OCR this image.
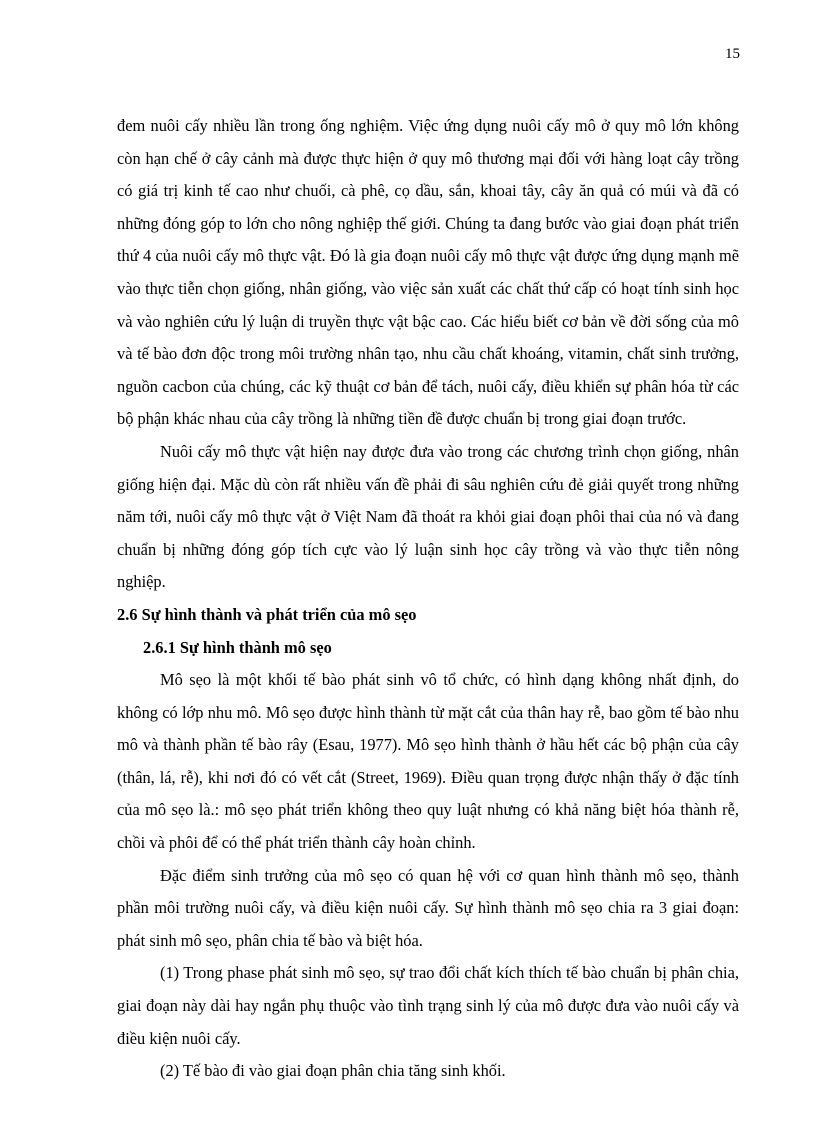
15

đem nuôi cấy nhiều lần trong ống nghiệm. Việc ứng dụng nuôi cấy mô ở quy mô lớn không còn hạn chế ở cây cảnh mà được thực hiện ở quy mô thương mại đối với hàng loạt cây trồng có giá trị kinh tế cao như chuối, cà phê, cọ dầu, sắn, khoai tây, cây ăn quả có múi và đã có những đóng góp to lớn cho nông nghiệp thế giới. Chúng ta đang bước vào giai đoạn phát triển thứ 4 của nuôi cấy mô thực vật. Đó là gia đoạn nuôi cấy mô thực vật được ứng dụng mạnh mẽ vào thực tiễn chọn giống, nhân giống, vào việc sản xuất các chất thứ cấp có hoạt tính sinh học và vào nghiên cứu lý luận di truyền thực vật bậc cao. Các hiểu biết cơ bản về đời sống của mô và tế bào đơn độc trong môi trường nhân tạo, nhu cầu chất khoáng, vitamin, chất sinh trưởng, nguồn cacbon của chúng, các kỹ thuật cơ bản để tách, nuôi cấy, điều khiển sự phân hóa từ các bộ phận khác nhau của cây trồng là những tiền đề được chuẩn bị trong giai đoạn trước.

Nuôi cấy mô thực vật hiện nay được đưa vào trong các chương trình chọn giống, nhân giống hiện đại. Mặc dù còn rất nhiều vấn đề phải đi sâu nghiên cứu đẻ giải quyết trong những năm tới, nuôi cấy mô thực vật ở Việt Nam đã thoát ra khỏi giai đoạn phôi thai của nó và đang chuẩn bị những đóng góp tích cực vào lý luận sinh học cây trồng và vào thực tiễn nông nghiệp.

2.6 Sự hình thành và phát triển của mô sẹo

2.6.1 Sự hình thành mô sẹo

Mô sẹo là một khối tế bào phát sinh vô tổ chức, có hình dạng không nhất định, do không có lớp nhu mô. Mô sẹo được hình thành từ mặt cắt của thân hay rễ, bao gồm tế bào nhu mô và thành phần tế bào rây (Esau, 1977). Mô sẹo hình thành ở hầu hết các bộ phận của cây (thân, lá, rễ), khi nơi đó có vết cắt (Street, 1969). Điều quan trọng được nhận thấy ở đặc tính của mô sẹo là.: mô sẹo phát triển không theo quy luật nhưng có khả năng biệt hóa thành rễ, chồi và phôi để có thể phát triển thành cây hoàn chỉnh.

Đặc điểm sinh trưởng của mô sẹo có quan hệ với cơ quan hình thành mô sẹo, thành phần môi trường nuôi cấy, và điều kiện nuôi cấy. Sự hình thành mô sẹo chia ra 3 giai đoạn: phát sinh mô sẹo, phân chia tế bào và biệt hóa.

(1) Trong phase phát sinh mô sẹo, sự trao đổi chất kích thích tế bào chuẩn bị phân chia, giai đoạn này dài hay ngắn phụ thuộc vào tình trạng sinh lý của mô được đưa vào nuôi cấy và điều kiện nuôi cấy.

(2) Tế bào đi vào giai đoạn phân chia tăng sinh khối.
